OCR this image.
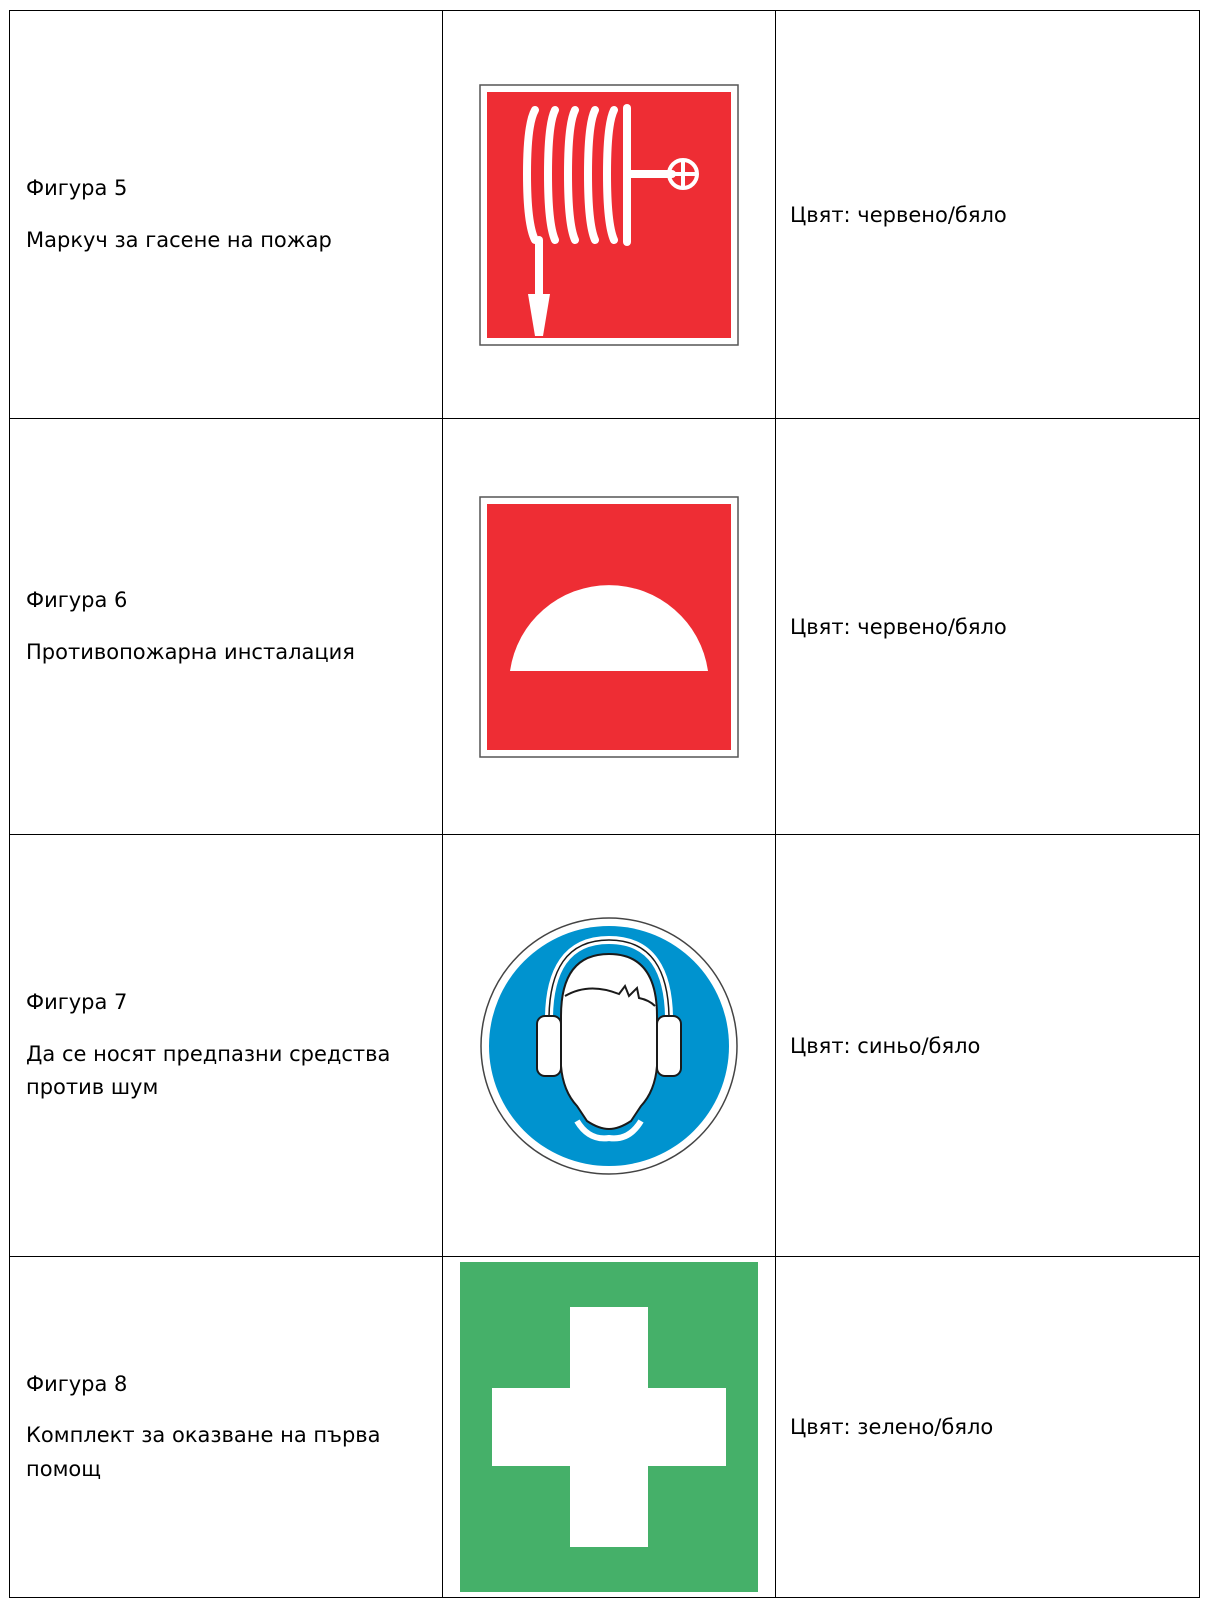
Фигура 5

Маркуч за гасене на пожар		Цвят: червено/бяло

Фигура 6

Противопожарна инсталация		Цвят: червено/бяло

Фигура 7

Да се носят предпазни средства против шум		Цвят: синьо/бяло

Фигура 8

Комплект за оказване на първа помощ		Цвят: зелено/бяло
